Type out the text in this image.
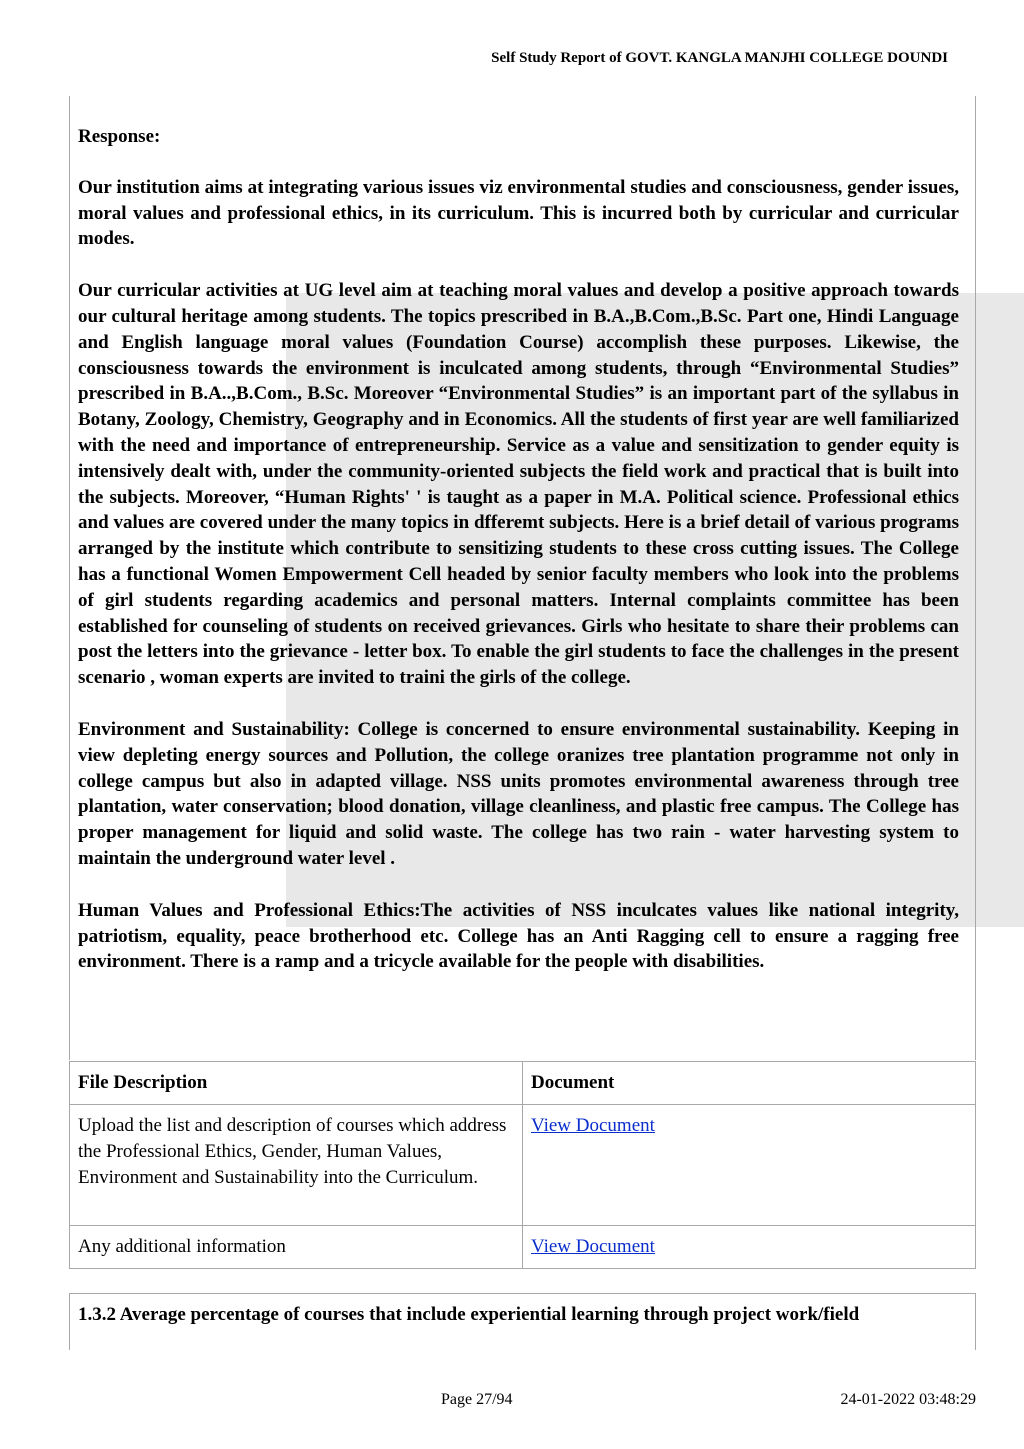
Self Study Report of GOVT. KANGLA MANJHI COLLEGE DOUNDI

Response:

Our institution aims at integrating various issues viz environmental studies and consciousness, gender issues, moral values and professional ethics, in its curriculum. This is incurred both by curricular and curricular modes.

Our curricular activities at UG level aim at teaching moral values and develop a positive approach towards our cultural heritage among students. The topics prescribed in B.A.,B.Com.,B.Sc. Part one, Hindi Language and English language moral values (Foundation Course) accomplish these purposes. Likewise, the consciousness towards the environment is inculcated among students, through “Environmental Studies” prescribed in B.A..,B.Com., B.Sc. Moreover “Environmental Studies” is an important part of the syllabus in Botany, Zoology, Chemistry, Geography and in Economics. All the students of first year are well familiarized with the need and importance of entrepreneurship. Service as a value and sensitization to gender equity is intensively dealt with, under the community-oriented subjects the field work and practical that is built into the subjects. Moreover, “Human Rights' ' is taught as a paper in M.A. Political science. Professional ethics and values are covered under the many topics in dfferemt subjects. Here is a brief detail of various programs arranged by the institute which contribute to sensitizing students to these cross cutting issues. The College has a functional Women Empowerment Cell headed by senior faculty members who look into the problems of girl students regarding academics and personal matters. Internal complaints committee has been established for counseling of students on received grievances. Girls who hesitate to share their problems can post the letters into the grievance - letter box. To enable the girl students to face the challenges in the present scenario , woman experts are invited to traini the girls of the college.

Environment and Sustainability: College is concerned to ensure environmental sustainability. Keeping in view depleting energy sources and Pollution, the college oranizes tree plantation programme not only in college campus but also in adapted village. NSS units promotes environmental awareness through tree plantation, water conservation; blood donation, village cleanliness, and plastic free campus. The College has proper management for liquid and solid waste. The college has two rain - water harvesting system to maintain the underground water level .

Human Values and Professional Ethics:The activities of NSS inculcates values like national integrity, patriotism, equality, peace brotherhood etc. College has an Anti Ragging cell to ensure a ragging free environment. There is a ramp and a tricycle available for the people with disabilities.

File Description	Document
Upload the list and description of courses which address the Professional Ethics, Gender, Human Values, Environment and Sustainability into the Curriculum.	View Document
Any additional information	View Document
1.3.2 Average percentage of courses that include experiential learning through project work/field
Page 27/94	24-01-2022 03:48:29
